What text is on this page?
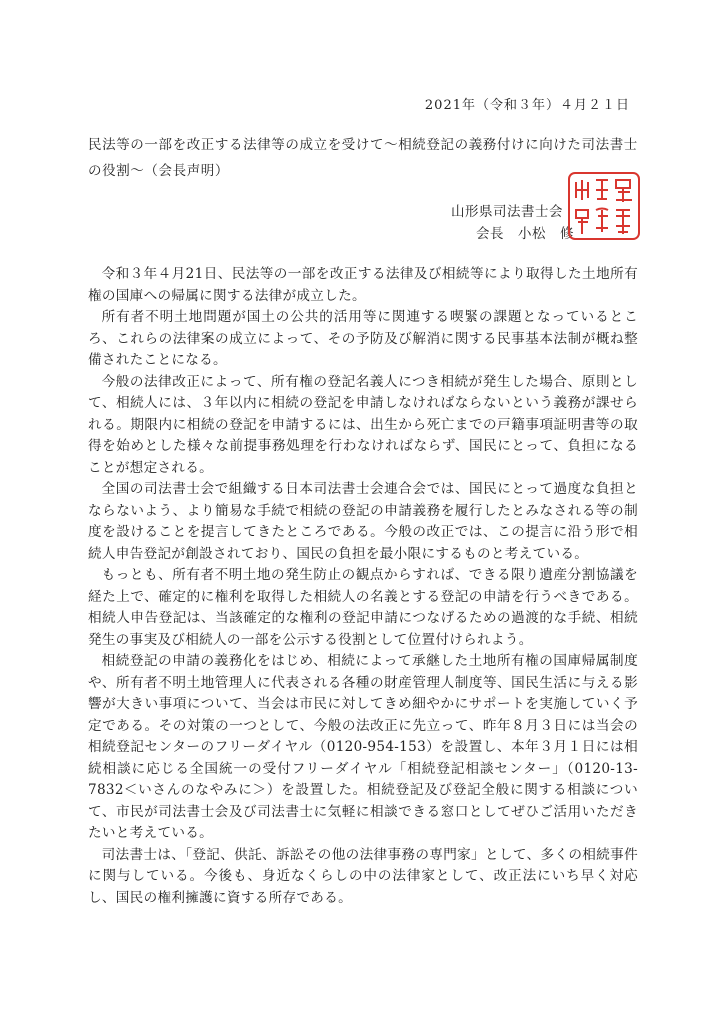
2021年（令和３年）４月２１日
民法等の一部を改正する法律等の成立を受けて～相続登記の義務付けに向けた司法書士の役割～（会長声明）
山形県司法書士会
会長　小松　修

令和３年４月21日、民法等の一部を改正する法律及び相続等により取得した土地所有権の国庫への帰属に関する法律が成立した。

所有者不明土地問題が国土の公共的活用等に関連する喫緊の課題となっているところ、これらの法律案の成立によって、その予防及び解消に関する民事基本法制が概ね整備されたことになる。

今般の法律改正によって、所有権の登記名義人につき相続が発生した場合、原則として、相続人には、３年以内に相続の登記を申請しなければならないという義務が課せられる。期限内に相続の登記を申請するには、出生から死亡までの戸籍事項証明書等の取得を始めとした様々な前提事務処理を行わなければならず、国民にとって、負担になることが想定される。

全国の司法書士会で組織する日本司法書士会連合会では、国民にとって過度な負担とならないよう、より簡易な手続で相続の登記の申請義務を履行したとみなされる等の制度を設けることを提言してきたところである。今般の改正では、この提言に沿う形で相続人申告登記が創設されており、国民の負担を最小限にするものと考えている。

もっとも、所有者不明土地の発生防止の観点からすれば、できる限り遺産分割協議を経た上で、確定的に権利を取得した相続人の名義とする登記の申請を行うべきである。相続人申告登記は、当該確定的な権利の登記申請につなげるための過渡的な手続、相続発生の事実及び相続人の一部を公示する役割として位置付けられよう。

相続登記の申請の義務化をはじめ、相続によって承継した土地所有権の国庫帰属制度や、所有者不明土地管理人に代表される各種の財産管理人制度等、国民生活に与える影響が大きい事項について、当会は市民に対してきめ細やかにサポートを実施していく予定である。その対策の一つとして、今般の法改正に先立って、昨年８月３日には当会の相続登記センターのフリーダイヤル（0120-954-153）を設置し、本年３月１日には相続相談に応じる全国統一の受付フリーダイヤル「相続登記相談センター」（0120-13-7832＜いさんのなやみに＞）を設置した。相続登記及び登記全般に関する相談について、市民が司法書士会及び司法書士に気軽に相談できる窓口としてぜひご活用いただきたいと考えている。

司法書士は、「登記、供託、訴訟その他の法律事務の専門家」として、多くの相続事件に関与している。今後も、身近なくらしの中の法律家として、改正法にいち早く対応し、国民の権利擁護に資する所存である。
